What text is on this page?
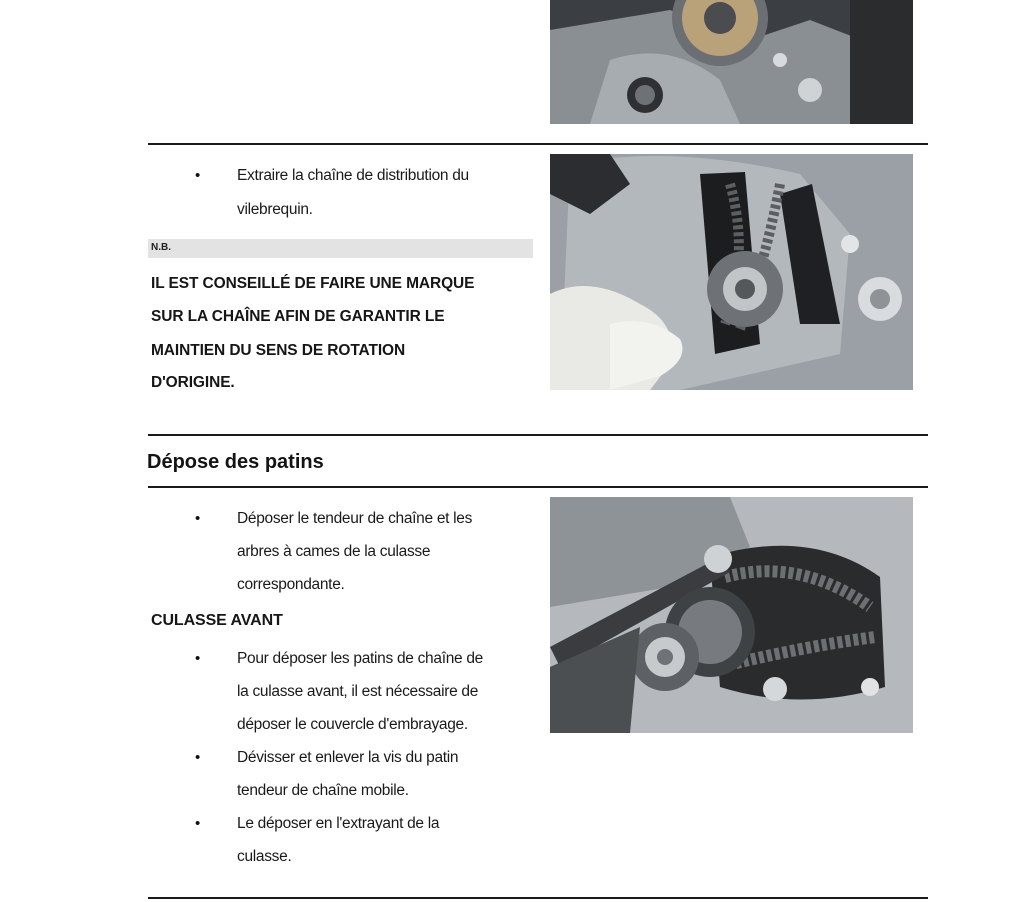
• Extraire la chaîne de distribution du
vilebrequin.
N.B.
IL EST CONSEILLÉ DE FAIRE UNE MARQUE
SUR LA CHAÎNE AFIN DE GARANTIR LE
MAINTIEN DU SENS DE ROTATION
D'ORIGINE.
Dépose des patins
• Déposer le tendeur de chaîne et les
arbres à cames de la culasse
correspondante.
CULASSE AVANT
• Pour déposer les patins de chaîne de
la culasse avant, il est nécessaire de
déposer le couvercle d'embrayage.
• Dévisser et enlever la vis du patin
tendeur de chaîne mobile.
• Le déposer en l'extrayant de la
culasse.
